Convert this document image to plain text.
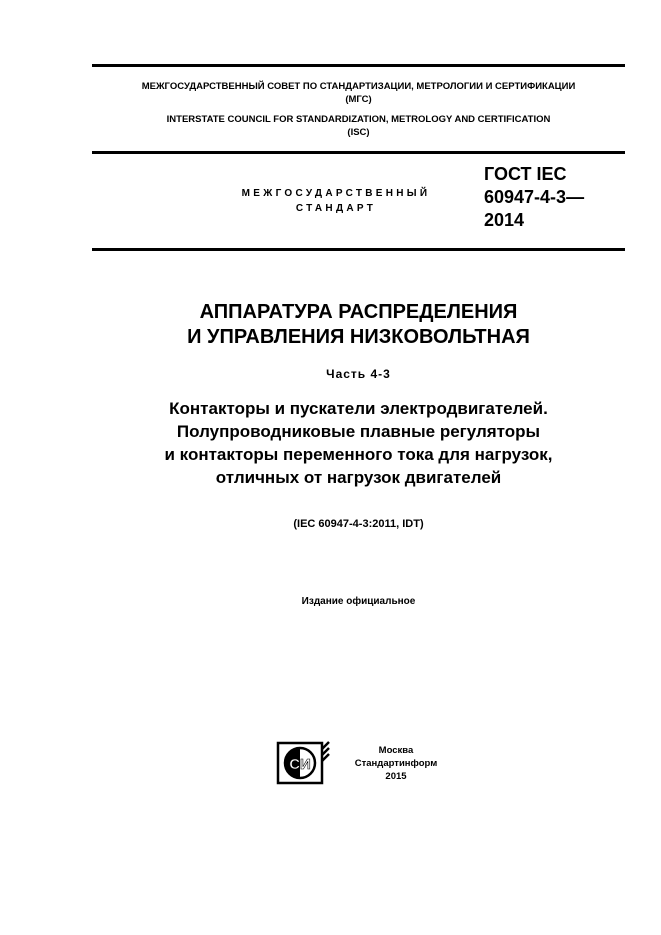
МЕЖГОСУДАРСТВЕННЫЙ СОВЕТ ПО СТАНДАРТИЗАЦИИ, МЕТРОЛОГИИ И СЕРТИФИКАЦИИ
(МГС)
INTERSTATE COUNCIL FOR STANDARDIZATION, METROLOGY AND CERTIFICATION
(ISC)
МЕЖГОСУДАРСТВЕННЫЙ
СТАНДАРТ
ГОСТ IEC
60947-4-3—
2014
АППАРАТУРА РАСПРЕДЕЛЕНИЯ
И УПРАВЛЕНИЯ НИЗКОВОЛЬТНАЯ
Часть 4-3
Контакторы и пускатели электродвигателей.
Полупроводниковые плавные регуляторы
и контакторы переменного тока для нагрузок,
отличных от нагрузок двигателей
(IEC 60947-4-3:2011, IDT)
Издание официальное
СИ
Москва
Стандартинформ
2015
